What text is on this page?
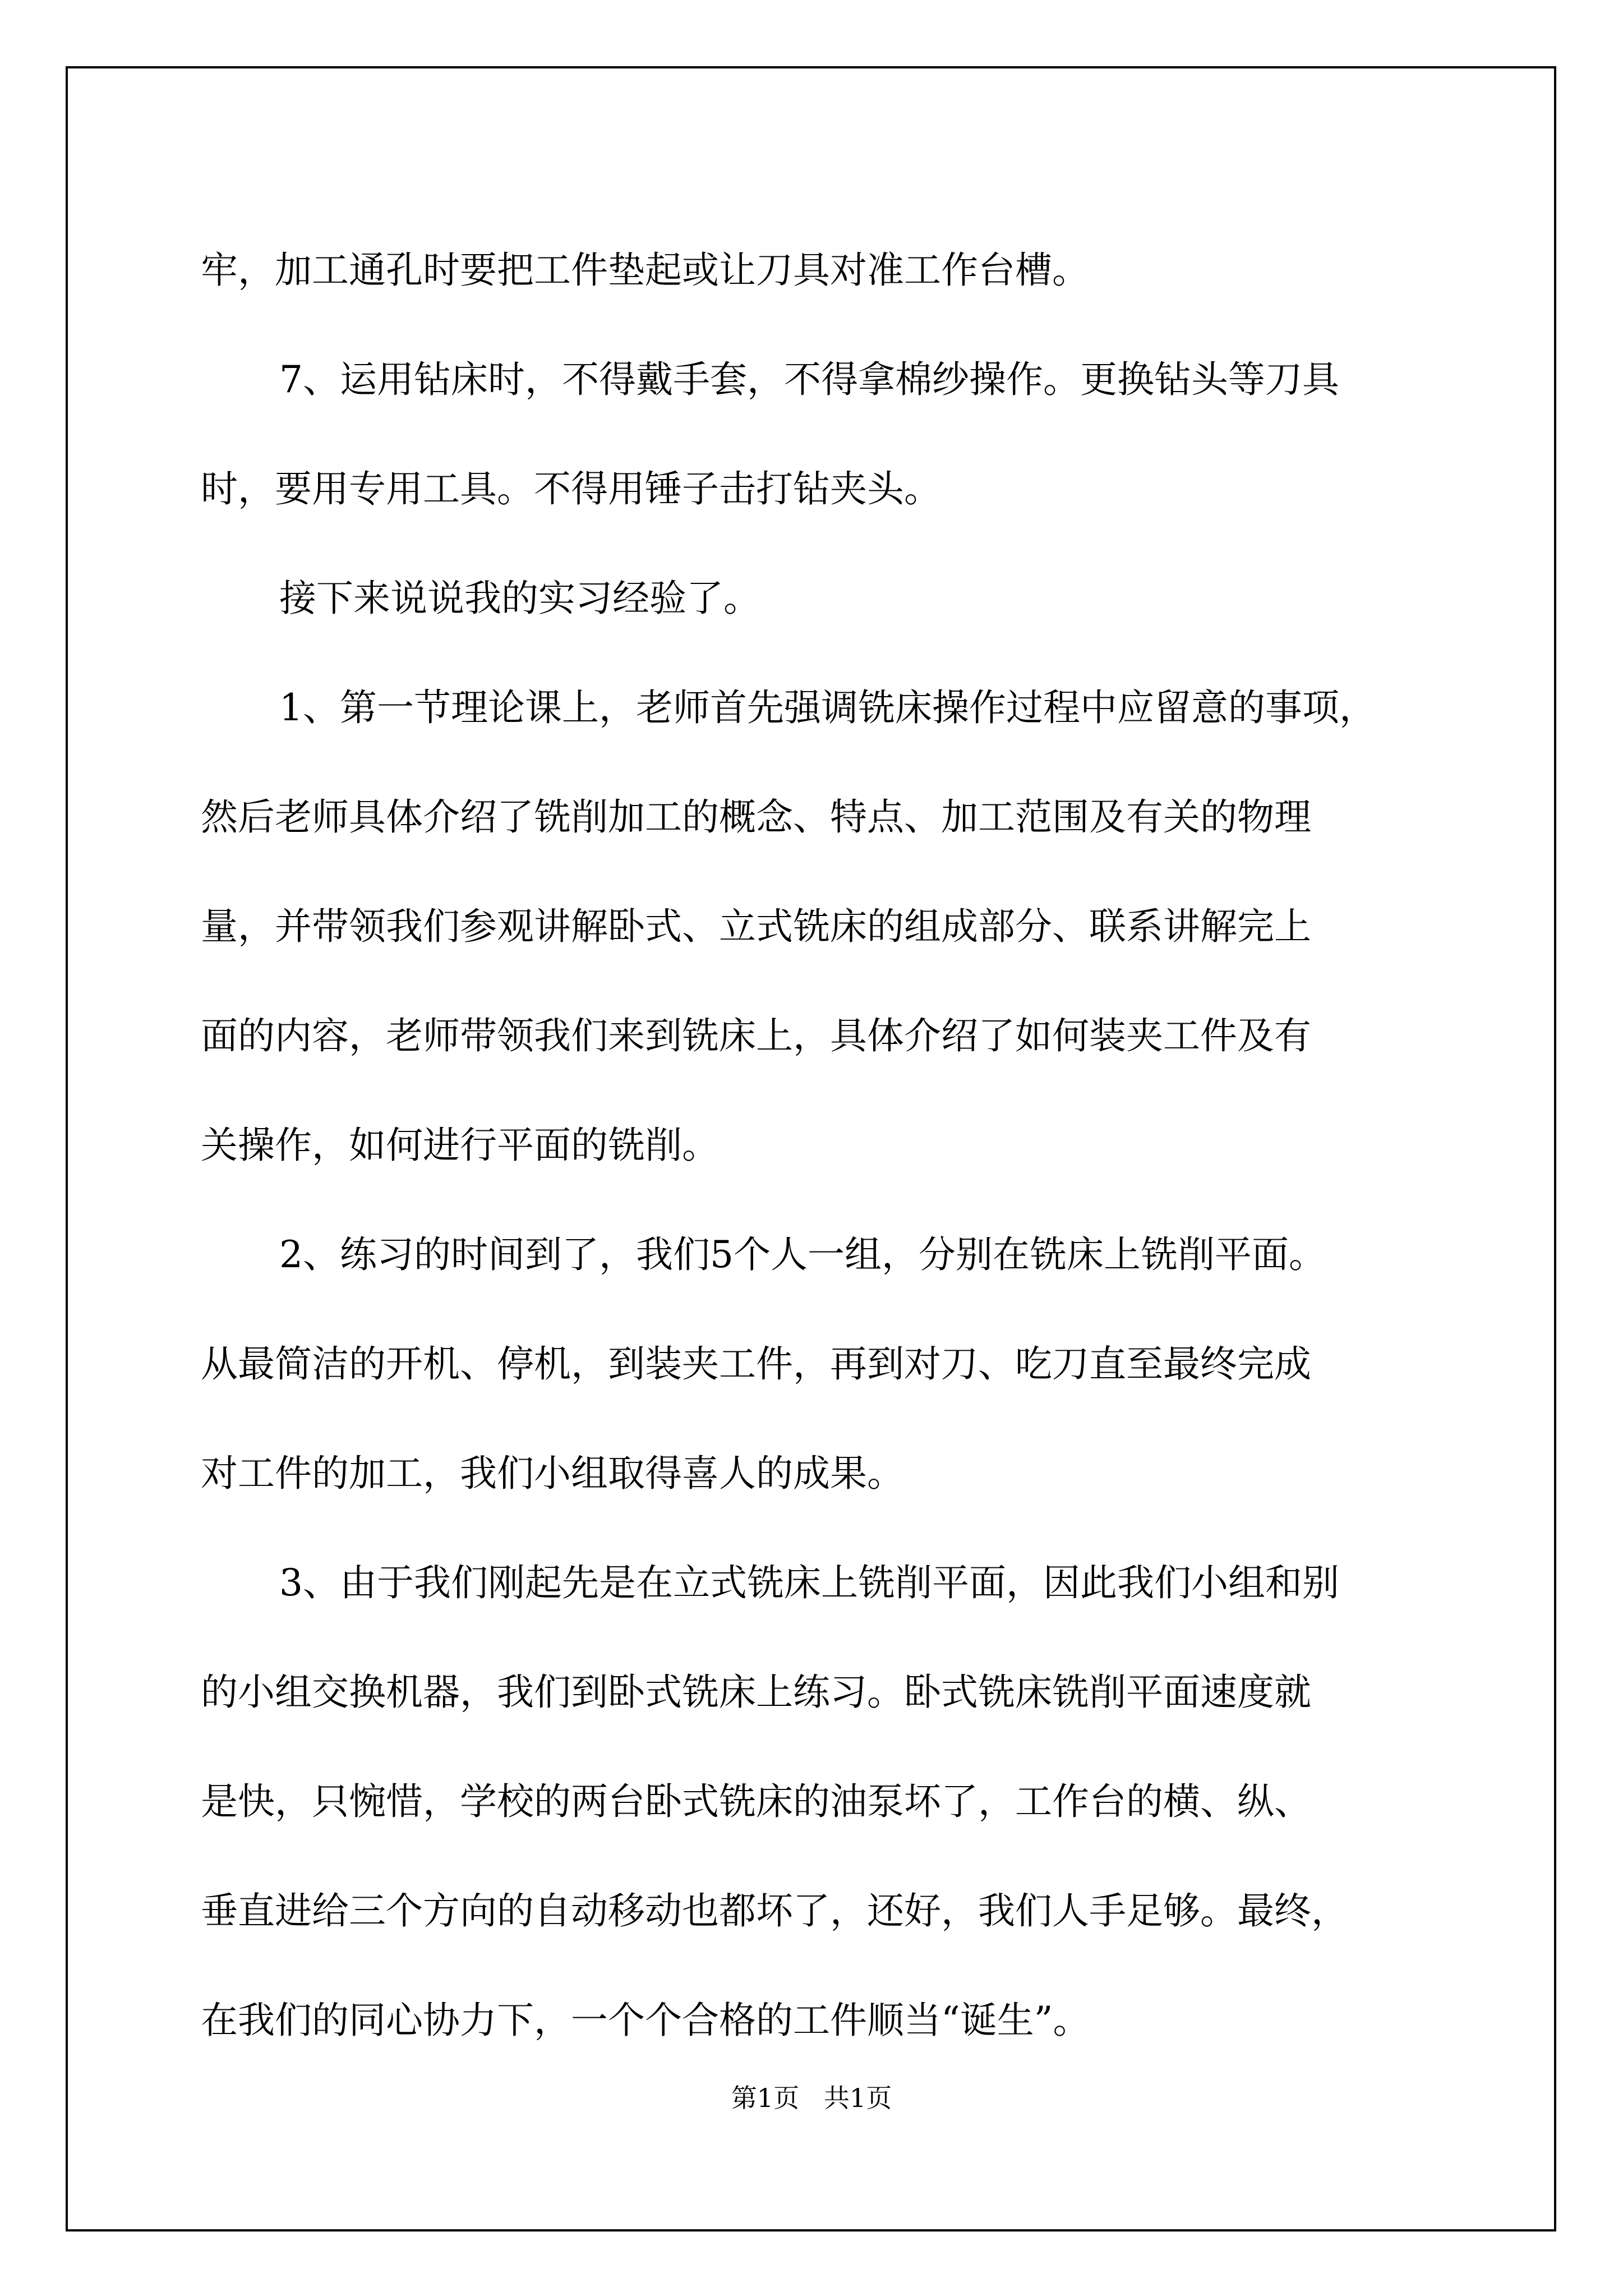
牢，加工通孔时要把工件垫起或让刀具对准工作台槽。

7、运用钻床时，不得戴手套，不得拿棉纱操作。更换钻头等刀具

时，要用专用工具。不得用锤子击打钻夹头。

接下来说说我的实习经验了。

1、第一节理论课上，老师首先强调铣床操作过程中应留意的事项，

然后老师具体介绍了铣削加工的概念、特点、加工范围及有关的物理

量，并带领我们参观讲解卧式、立式铣床的组成部分、联系讲解完上

面的内容，老师带领我们来到铣床上，具体介绍了如何装夹工件及有

关操作，如何进行平面的铣削。

2、练习的时间到了，我们5个人一组，分别在铣床上铣削平面。

从最简洁的开机、停机，到装夹工件，再到对刀、吃刀直至最终完成

对工件的加工，我们小组取得喜人的成果。

3、由于我们刚起先是在立式铣床上铣削平面，因此我们小组和别

的小组交换机器，我们到卧式铣床上练习。卧式铣床铣削平面速度就

是快，只惋惜，学校的两台卧式铣床的油泵坏了，工作台的横、纵、

垂直进给三个方向的自动移动也都坏了，还好，我们人手足够。最终，

在我们的同心协力下，一个个合格的工件顺当“诞生”。

第1页   共1页
